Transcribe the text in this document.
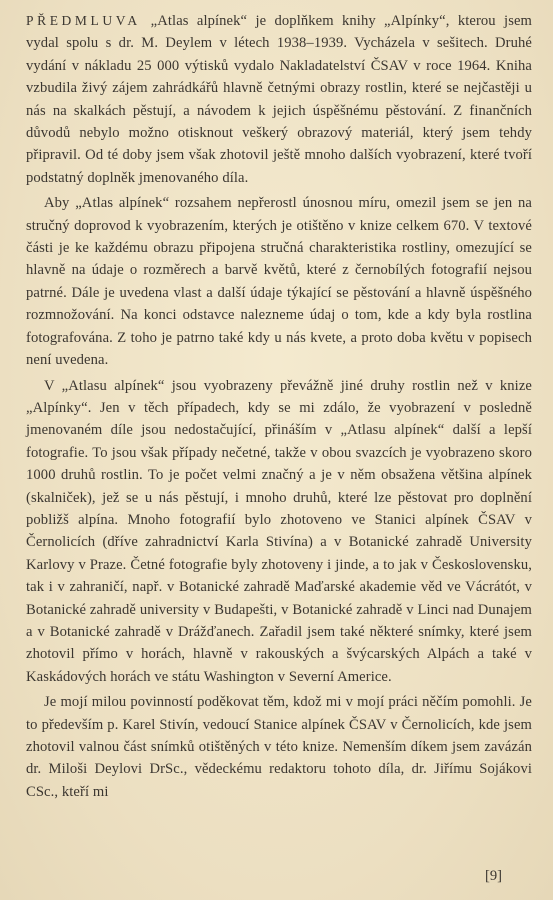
PŘEDMLUVA „Atlas alpínek“ je doplňkem knihy „Alpínky“, kterou jsem vydal spolu s dr. M. Deylem v létech 1938–1939. Vycházela v sešitech. Druhé vydání v nákladu 25 000 výtisků vydalo Nakladatelství ČSAV v roce 1964. Kniha vzbudila živý zájem zahrádkářů hlavně četnými obrazy rostlin, které se nejčastěji u nás na skalkách pěstují, a návodem k jejich úspěšnému pěstování. Z finančních důvodů nebylo možno otisknout veškerý obrazový materiál, který jsem tehdy připravil. Od té doby jsem však zhotovil ještě mnoho dalších vyobrazení, které tvoří podstatný doplněk jmenovaného díla.

Aby „Atlas alpínek“ rozsahem nepřerostl únosnou míru, omezil jsem se jen na stručný doprovod k vyobrazením, kterých je otištěno v knize celkem 670. V textové části je ke každému obrazu připojena stručná charakteristika rostliny, omezující se hlavně na údaje o rozměrech a barvě květů, které z černobílých fotografií nejsou patrné. Dále je uvedena vlast a další údaje týkající se pěstování a hlavně úspěšného rozmnožování. Na konci odstavce nalezneme údaj o tom, kde a kdy byla rostlina fotografována. Z toho je patrno také kdy u nás kvete, a proto doba květu v popisech není uvedena.

V „Atlasu alpínek“ jsou vyobrazeny převážně jiné druhy rostlin než v knize „Alpínky“. Jen v těch případech, kdy se mi zdálo, že vyobrazení v posledně jmenovaném díle jsou nedostačující, přináším v „Atlasu alpínek“ další a lepší fotografie. To jsou však případy nečetné, takže v obou svazcích je vyobrazeno skoro 1000 druhů rostlin. To je počet velmi značný a je v něm obsažena většina alpínek (skalniček), jež se u nás pěstují, i mnoho druhů, které lze pěstovat pro doplnění pobližš alpína. Mnoho fotografií bylo zhotoveno ve Stanici alpínek ČSAV v Černolicích (dříve zahradnictví Karla Stivína) a v Botanické zahradě University Karlovy v Praze. Četné fotografie byly zhotoveny i jinde, a to jak v Československu, tak i v zahraničí, např. v Botanické zahradě Maďarské akademie věd ve Vácrátót, v Botanické zahradě university v Budapešti, v Botanické zahradě v Linci nad Dunajem a v Botanické zahradě v Drážďanech. Zařadil jsem také některé snímky, které jsem zhotovil přímo v horách, hlavně v rakouských a švýcarských Alpách a také v Kaskádových horách ve státu Washington v Severní Americe.

Je mojí milou povinností poděkovat těm, kdož mi v mojí práci něčím pomohli. Je to především p. Karel Stivín, vedoucí Stanice alpínek ČSAV v Černolicích, kde jsem zhotovil valnou část snímků otištěných v této knize. Nemenším díkem jsem zavázán dr. Miloši Deylovi DrSc., vědeckému redaktoru tohoto díla, dr. Jiřímu Sojákovi CSc., kteří mi

[9]
